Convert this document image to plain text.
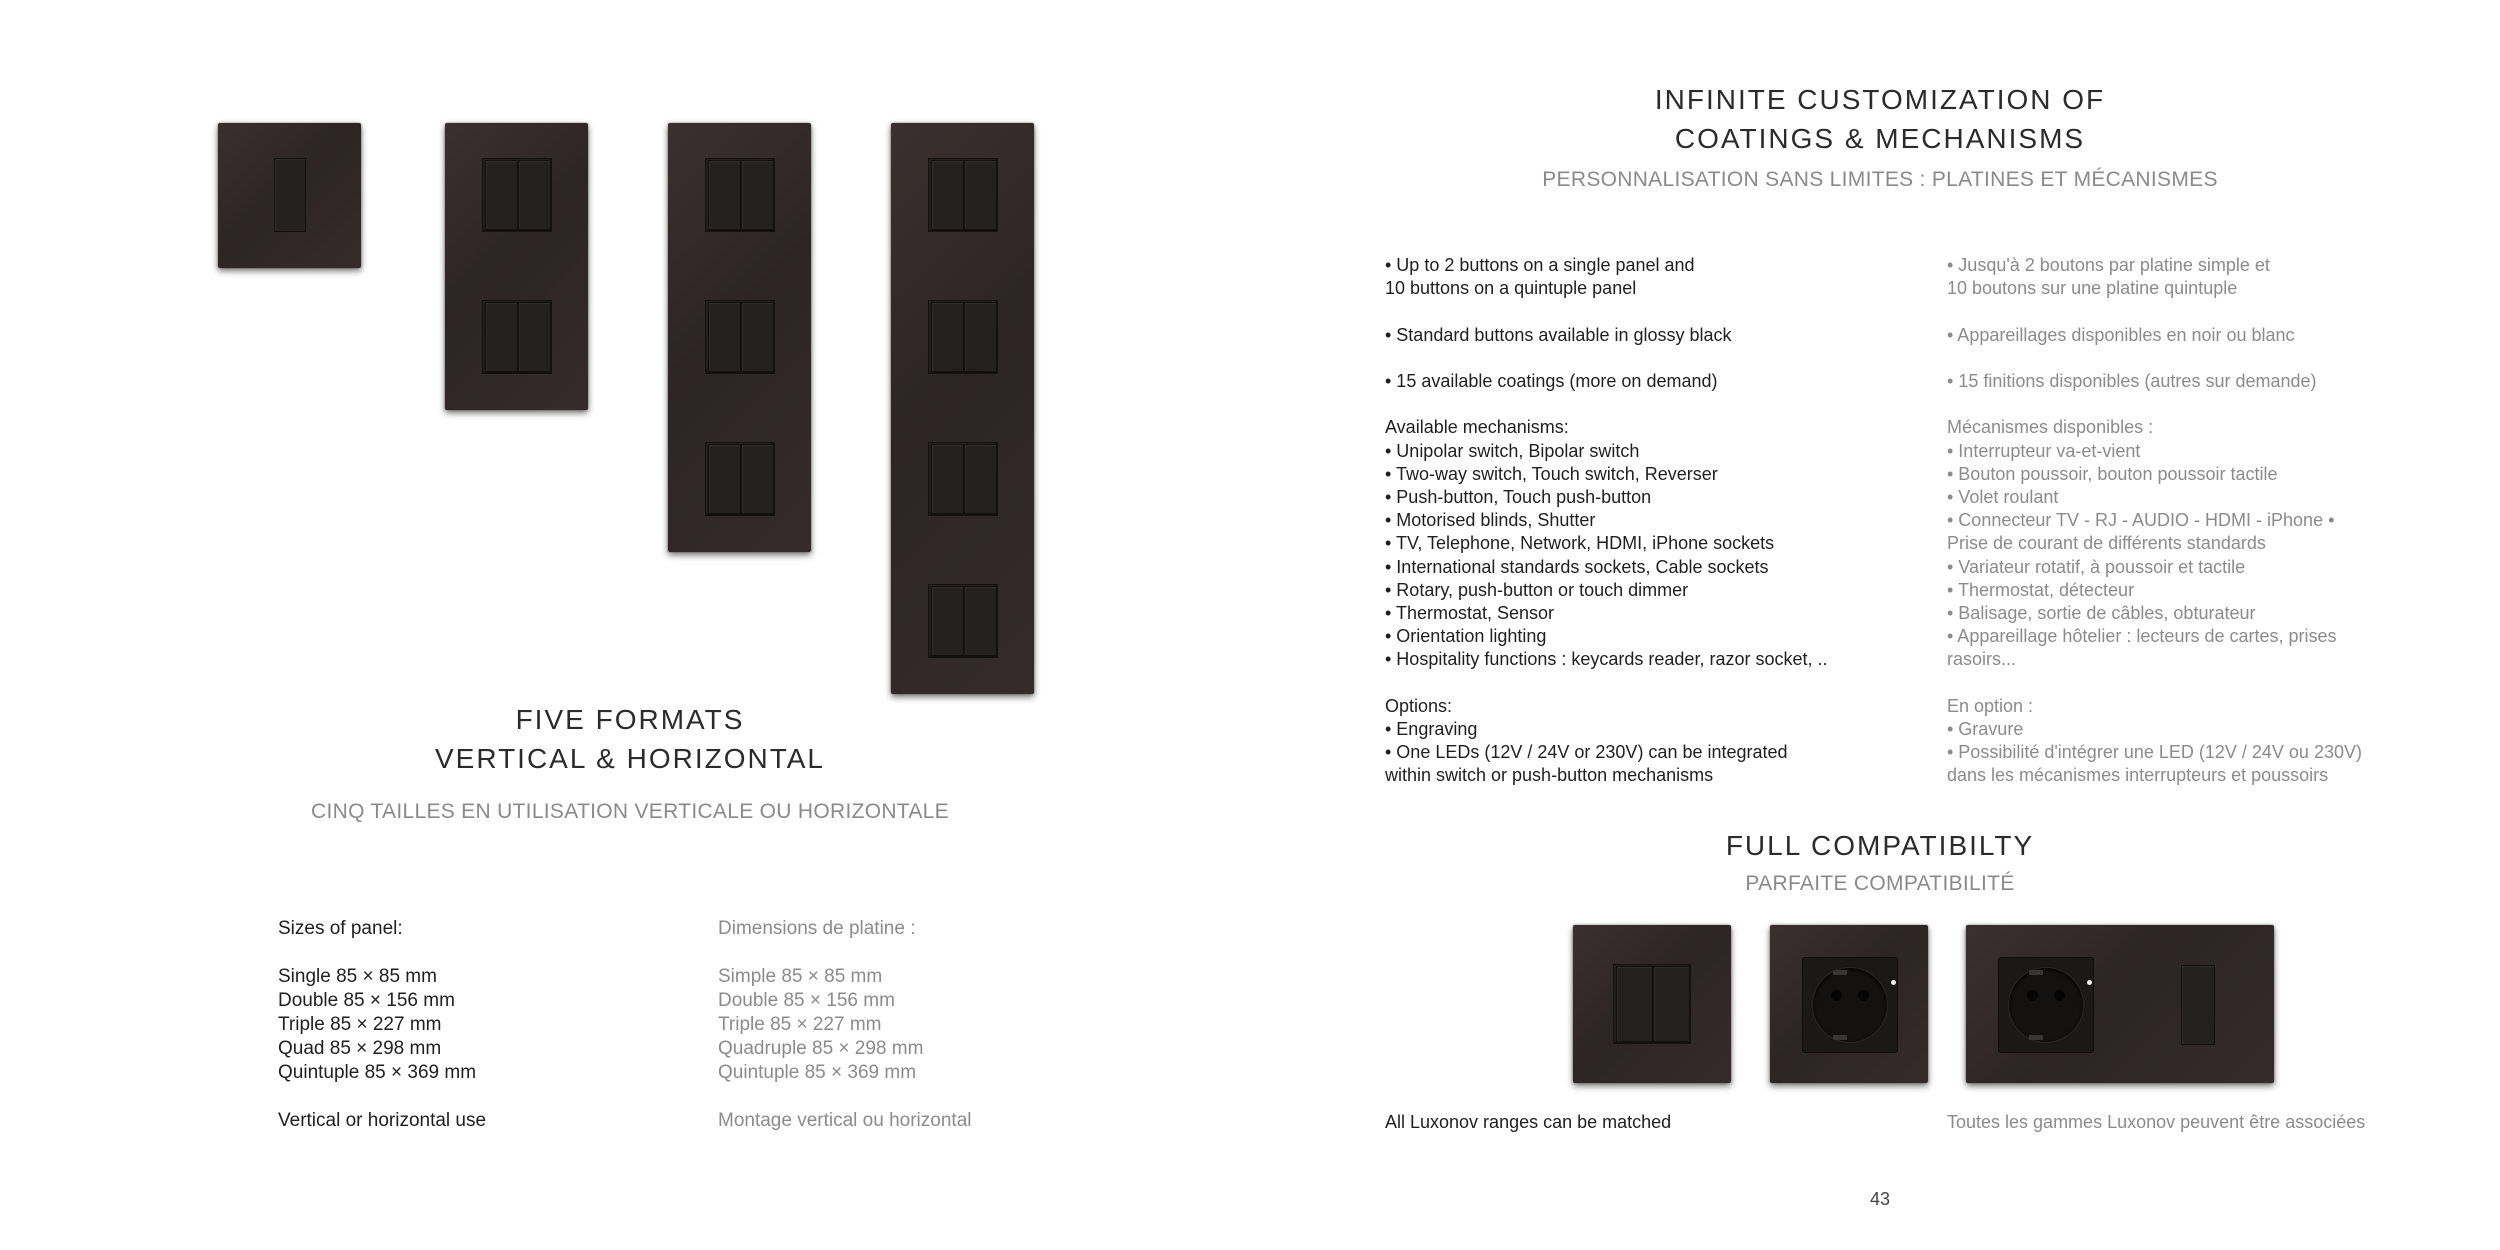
FIVE FORMATS
VERTICAL & HORIZONTAL
CINQ TAILLES EN UTILISATION VERTICALE OU HORIZONTALE
Sizes of panel:
Single 85 × 85 mm
Double 85 × 156 mm
Triple 85 × 227 mm
Quad 85 × 298 mm
Quintuple 85 × 369 mm
Vertical or horizontal use
Dimensions de platine :
Simple 85 × 85 mm
Double 85 × 156 mm
Triple 85 × 227 mm
Quadruple 85 × 298 mm
Quintuple 85 × 369 mm
Montage vertical ou horizontal
INFINITE CUSTOMIZATION OF
COATINGS & MECHANISMS
PERSONNALISATION SANS LIMITES : PLATINES ET MÉCANISMES
• Up to 2 buttons on a single panel and
10 buttons on a quintuple panel
• Standard buttons available in glossy black
• 15 available coatings (more on demand)
Available mechanisms:
• Unipolar switch, Bipolar switch
• Two-way switch, Touch switch, Reverser
• Push-button, Touch push-button
• Motorised blinds, Shutter
• TV, Telephone, Network, HDMI, iPhone sockets
• International standards sockets, Cable sockets
• Rotary, push-button or touch dimmer
• Thermostat, Sensor
• Orientation lighting
• Hospitality functions : keycards reader, razor socket, ..
Options:
• Engraving
• One LEDs (12V / 24V or 230V) can be integrated
within switch or push-button mechanisms
• Jusqu'à 2 boutons par platine simple et
10 boutons sur une platine quintuple
• Appareillages disponibles en noir ou blanc
• 15 finitions disponibles (autres sur demande)
Mécanismes disponibles :
• Interrupteur va-et-vient
• Bouton poussoir, bouton poussoir tactile
• Volet roulant
• Connecteur TV - RJ - AUDIO - HDMI - iPhone •
Prise de courant de différents standards
• Variateur rotatif, à poussoir et tactile
• Thermostat, détecteur
• Balisage, sortie de câbles, obturateur
• Appareillage hôtelier : lecteurs de cartes, prises
rasoirs...
En option :
• Gravure
• Possibilité d'intégrer une LED (12V / 24V ou 230V)
dans les mécanismes interrupteurs et poussoirs
FULL COMPATIBILTY
PARFAITE COMPATIBILITÉ
All Luxonov ranges can be matched	Toutes les gammes Luxonov peuvent être associées
43
